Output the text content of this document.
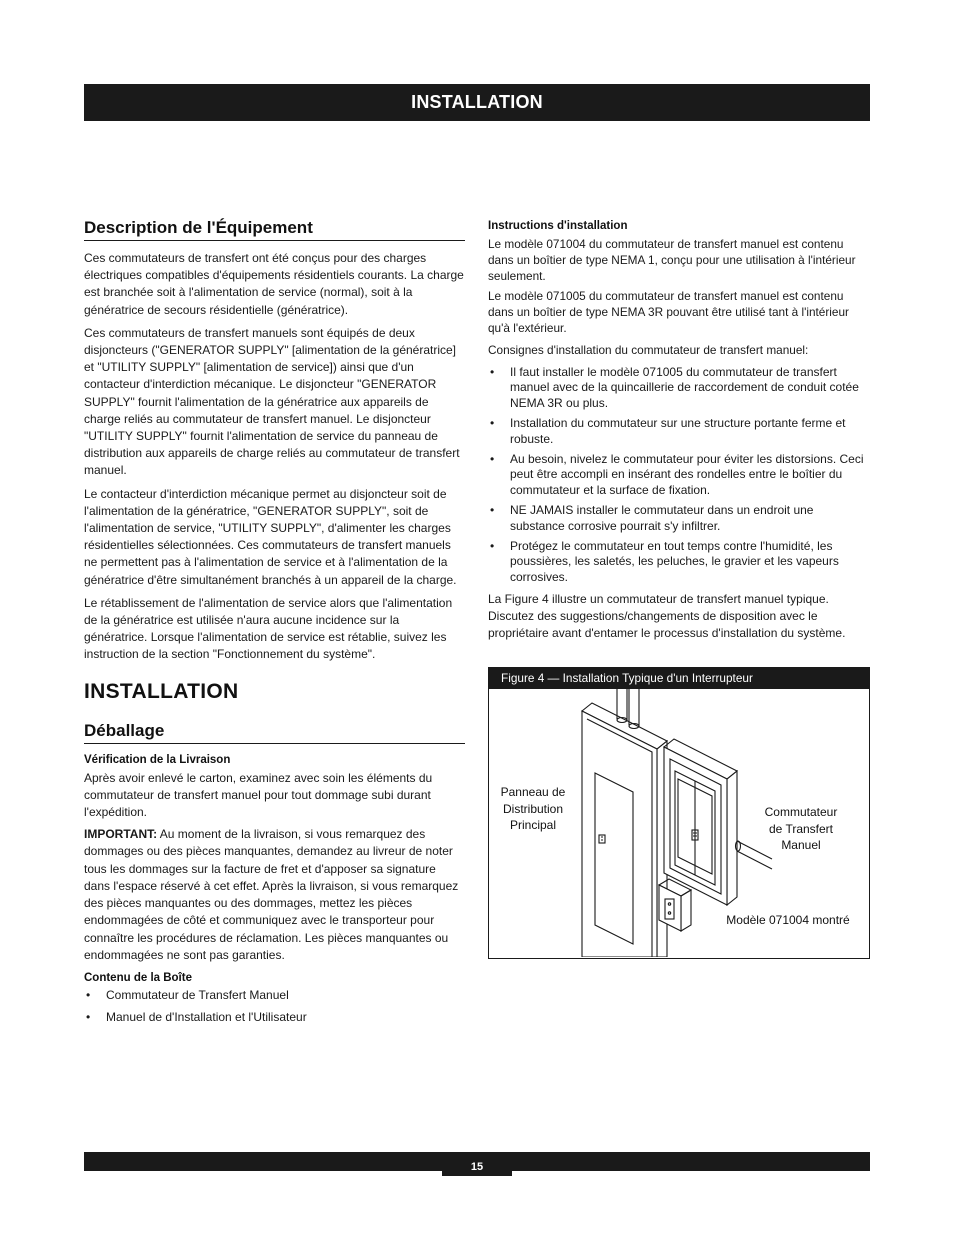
INSTALLATION
Description de l'Équipement

Ces commutateurs de transfert ont été conçus pour des charges électriques compatibles d'équipements résidentiels courants. La charge est branchée soit à l'alimentation de service (normal), soit à la génératrice de secours résidentielle (génératrice).

Ces commutateurs de transfert manuels sont équipés de deux disjoncteurs ("GENERATOR SUPPLY" [alimentation de la génératrice] et "UTILITY SUPPLY" [alimentation de service]) ainsi que d'un contacteur d'interdiction mécanique. Le disjoncteur "GENERATOR SUPPLY" fournit l'alimentation de la génératrice aux appareils de charge reliés au commutateur de transfert manuel. Le disjoncteur "UTILITY SUPPLY" fournit l'alimentation de service du panneau de distribution aux appareils de charge reliés au commutateur de transfert manuel.

Le contacteur d'interdiction mécanique permet au disjoncteur soit de l'alimentation de la génératrice, "GENERATOR SUPPLY", soit de l'alimentation de service, "UTILITY SUPPLY", d'alimenter les charges résidentielles sélectionnées. Ces commutateurs de transfert manuels ne permettent pas à l'alimentation de service et à l'alimentation de la génératrice d'être simultanément branchés à un appareil de la charge.

Le rétablissement de l'alimentation de service alors que l'alimentation de la génératrice est utilisée n'aura aucune incidence sur la génératrice. Lorsque l'alimentation de service est rétablie, suivez les instruction de la section "Fonctionnement du système".

INSTALLATION
Déballage
Vérification de la Livraison

Après avoir enlevé le carton, examinez avec soin les éléments du commutateur de transfert manuel pour tout dommage subi durant l'expédition.

IMPORTANT: Au moment de la livraison, si vous remarquez des dommages ou des pièces manquantes, demandez au livreur de noter tous les dommages sur la facture de fret et d'apposer sa signature dans l'espace réservé à cet effet. Après la livraison, si vous remarquez des pièces manquantes ou des dommages, mettez les pièces endommagées de côté et communiquez avec le transporteur pour connaître les procédures de réclamation. Les pièces manquantes ou endommagées ne sont pas garanties.

Contenu de la Boîte
• Commutateur de Transfert Manuel
• Manuel de d'Installation et l'Utilisateur
Instructions d'installation

Le modèle 071004 du commutateur de transfert manuel est contenu dans un boîtier de type NEMA 1, conçu pour une utilisation à l'intérieur seulement.

Le modèle 071005 du commutateur de transfert manuel est contenu dans un boîtier de type NEMA 3R pouvant être utilisé tant à l'intérieur qu'à l'extérieur.

Consignes d'installation du commutateur de transfert manuel:

• Il faut installer le modèle 071005 du commutateur de transfert manuel avec de la quincaillerie de raccordement de conduit cotée NEMA 3R ou plus.
• Installation du commutateur sur une structure portante ferme et robuste.
• Au besoin, nivelez le commutateur pour éviter les distorsions. Ceci peut être accompli en insérant des rondelles entre le boîtier du commutateur et la surface de fixation.
• NE JAMAIS installer le commutateur dans un endroit une substance corrosive pourrait s'y infiltrer.
• Protégez le commutateur en tout temps contre l'humidité, les poussières, les saletés, les peluches, le gravier et les vapeurs corrosives.

La Figure 4 illustre un commutateur de transfert manuel typique. Discutez des suggestions/changements de disposition avec le propriétaire avant d'entamer le processus d'installation du système.

Figure 4 — Installation Typique d'un Interrupteur
Panneau de
Distribution
Principal
Commutateur
de Transfert
Manuel
Modèle 071004 montré
15
